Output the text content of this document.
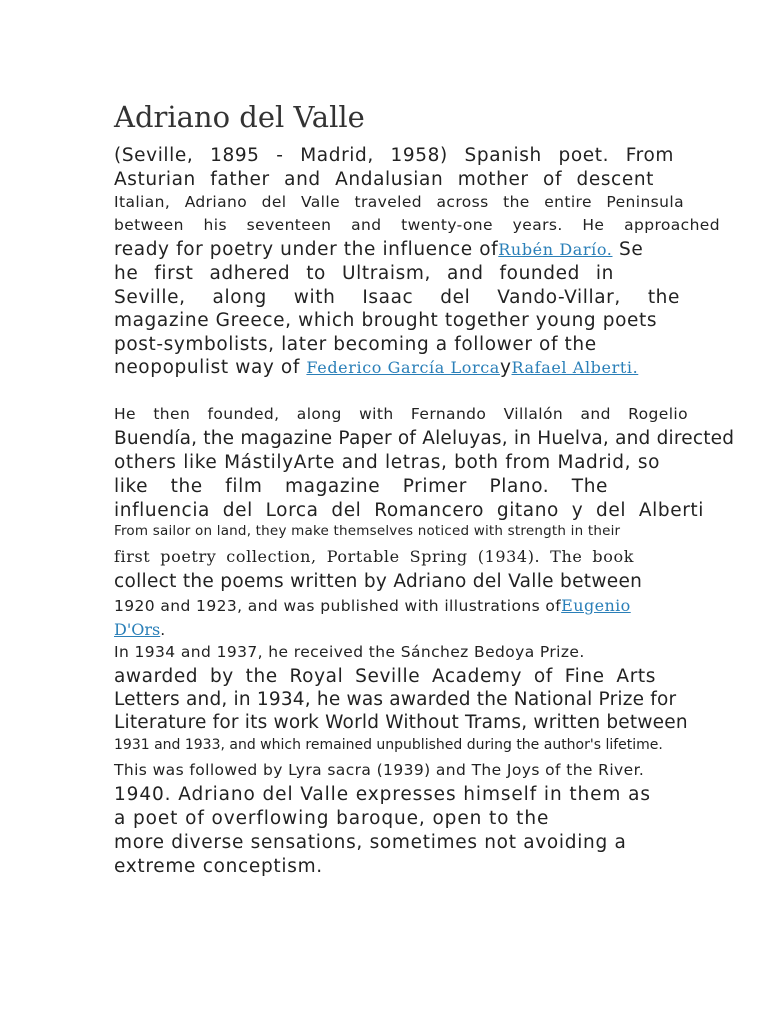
Adriano del Valle
(Seville, 1895 - Madrid, 1958) Spanish poet. From
Asturian father and Andalusian mother of descent
Italian, Adriano del Valle traveled across the entire Peninsula
between his seventeen and twenty-one years. He approached
ready for poetry under the influence ofRubén Darío. Se
he first adhered to Ultraism, and founded in
Seville, along with Isaac del Vando-Villar, the
magazine Greece, which brought together young poets
post-symbolists, later becoming a follower of the
neopopulist way of Federico García LorcayRafael Alberti.
He then founded, along with Fernando Villalón and Rogelio
Buendía, the magazine Paper of Aleluyas, in Huelva, and directed
others like MástilyArte and letras, both from Madrid, so
like the film magazine Primer Plano. The
influencia del Lorca del Romancero gitano y del Alberti
From sailor on land, they make themselves noticed with strength in their
first poetry collection, Portable Spring (1934). The book
collect the poems written by Adriano del Valle between
1920 and 1923, and was published with illustrations ofEugenio
D'Ors.
In 1934 and 1937, he received the Sánchez Bedoya Prize.
awarded by the Royal Seville Academy of Fine Arts
Letters and, in 1934, he was awarded the National Prize for
Literature for its work World Without Trams, written between
1931 and 1933, and which remained unpublished during the author's lifetime.
This was followed by Lyra sacra (1939) and The Joys of the River.
1940. Adriano del Valle expresses himself in them as
a poet of overflowing baroque, open to the
more diverse sensations, sometimes not avoiding a
extreme conceptism.
